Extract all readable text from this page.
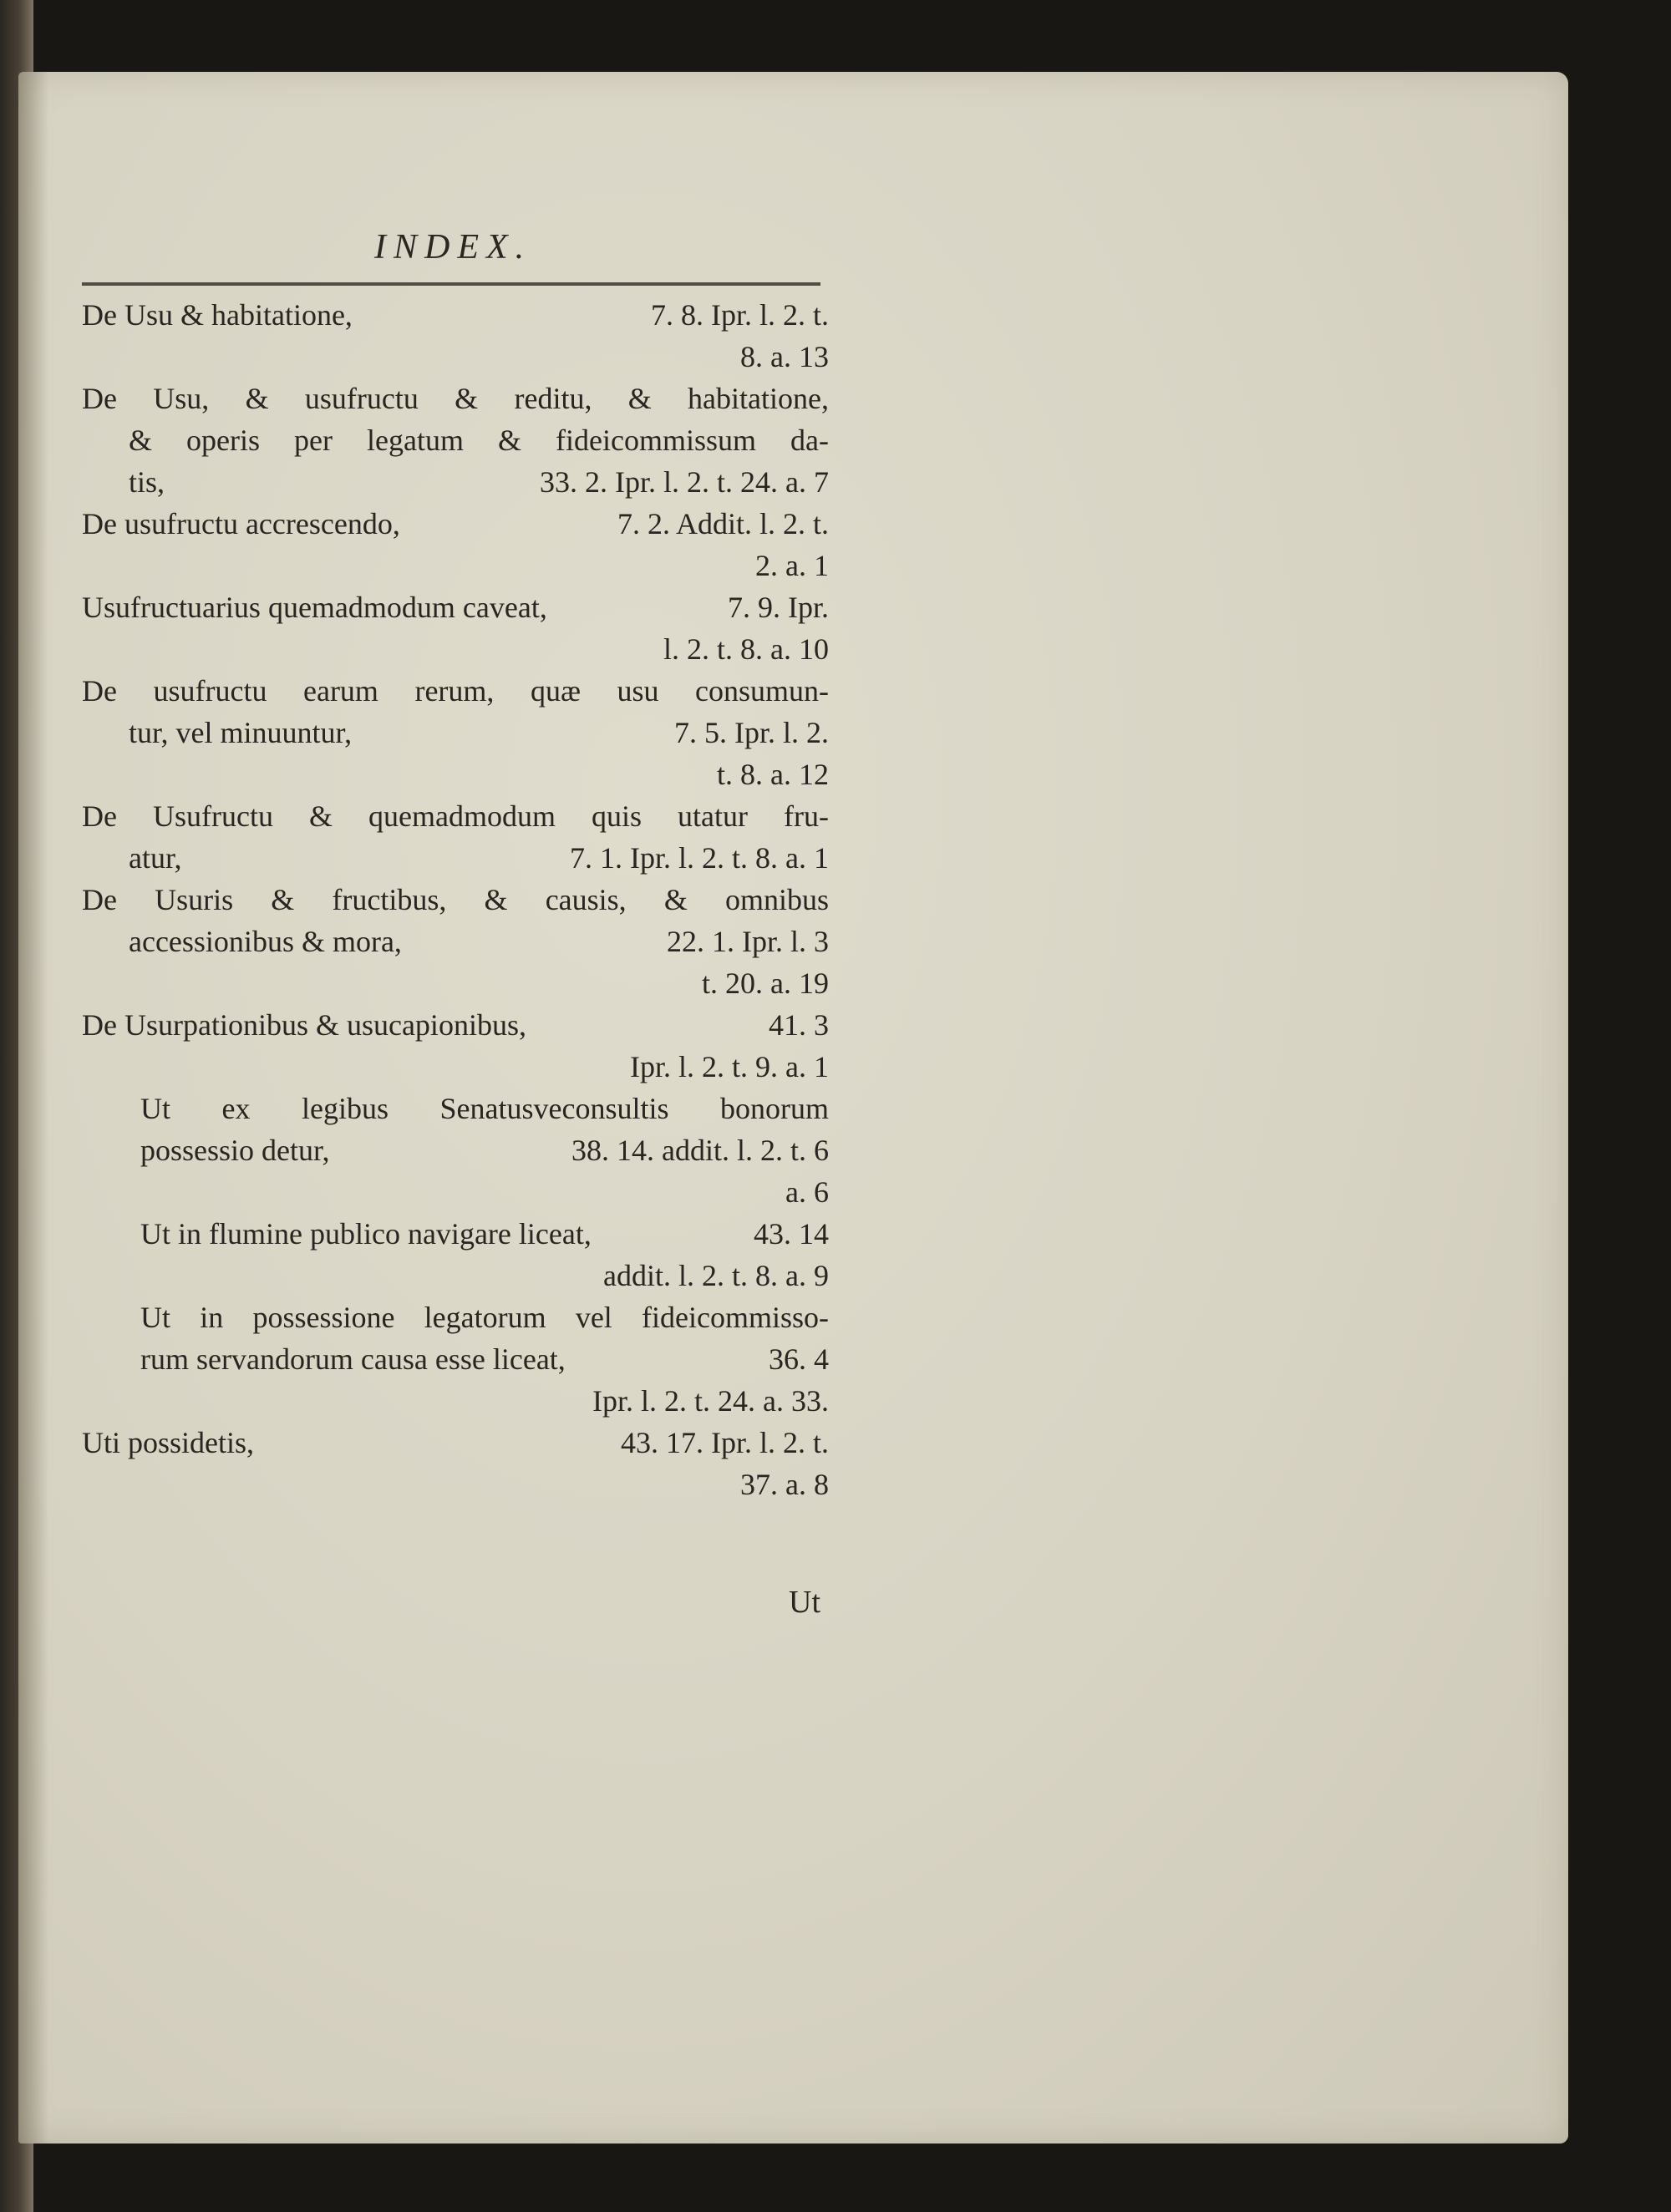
INDEX.
De Usu & habitatione,	7. 8. Ipr. l. 2. t.
8. a. 13
De Usu, & usufructu & reditu, & habitatione,
& operis per legatum & fideicommissum da-
tis,	33. 2. Ipr. l. 2. t. 24. a. 7
De usufructu accrescendo,	7. 2. Addit. l. 2. t.
2. a. 1
Usufructuarius quemadmodum caveat,	7. 9. Ipr.
l. 2. t. 8. a. 10
De usufructu earum rerum, quæ usu consumun-
tur, vel minuuntur,	7. 5. Ipr. l. 2.
t. 8. a. 12
De Usufructu & quemadmodum quis utatur fru-
atur,	7. 1. Ipr. l. 2. t. 8. a. 1
De Usuris & fructibus, & causis, & omnibus
accessionibus & mora,	22. 1. Ipr. l. 3
t. 20. a. 19
De Usurpationibus & usucapionibus,	41. 3
Ipr. l. 2. t. 9. a. 1
Ut ex legibus Senatusveconsultis bonorum
possessio detur,	38. 14. addit. l. 2. t. 6
a. 6
Ut in flumine publico navigare liceat,	43. 14
addit. l. 2. t. 8. a. 9
Ut in possessione legatorum vel fideicommisso-
rum servandorum causa esse liceat,	36. 4
Ipr. l. 2. t. 24. a. 33.
Uti possidetis,	43. 17. Ipr. l. 2. t.
37. a. 8
Ut
